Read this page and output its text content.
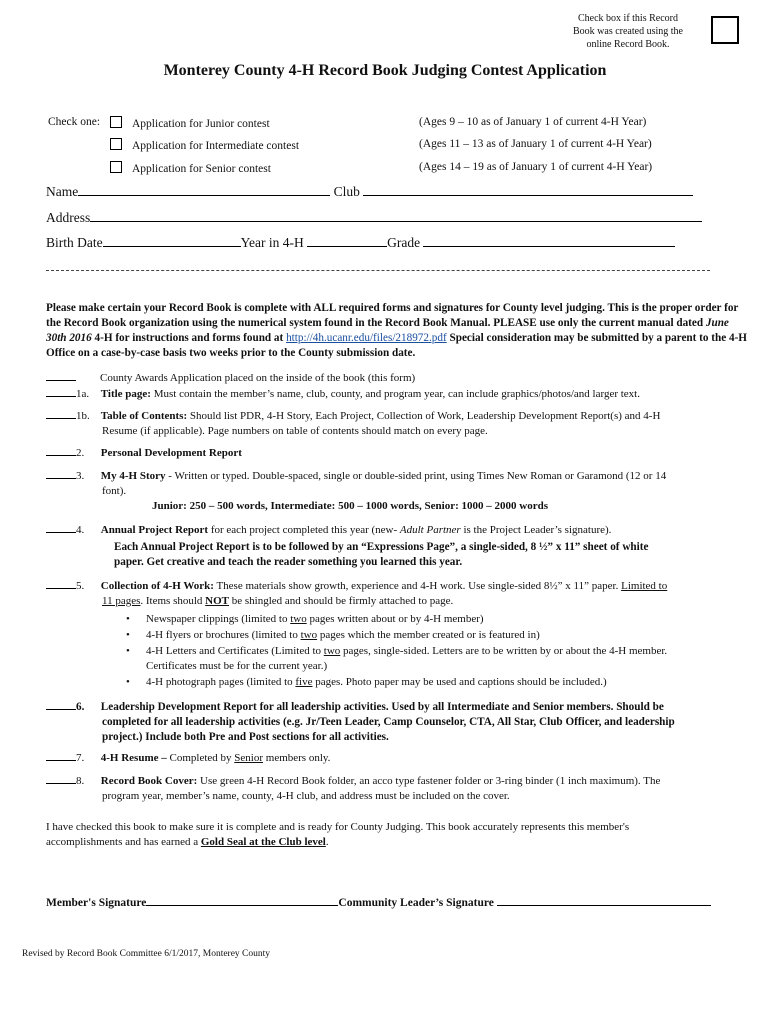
Check box if this Record
Book was created using the
online Record Book.
Monterey County 4-H Record Book Judging Contest Application
Check one:	Application for Junior contest	(Ages 9 – 10 as of January 1 of current 4-H Year)
Application for Intermediate contest	(Ages 11 – 13 as of January 1 of current 4-H Year)
Application for Senior contest	(Ages 14 – 19 as of January 1 of current 4-H Year)
Name	Club
Address
Birth Date	Year in 4-H	Grade
Please make certain your Record Book is complete with ALL required forms and signatures for County level judging. This is the proper order for the Record Book organization using the numerical system found in the Record Book Manual. PLEASE use only the current manual dated June 30th 2016 4-H for instructions and forms found at http://4h.ucanr.edu/files/218972.pdf Special consideration may be submitted by a parent to the 4-H Office on a case-by-case basis two weeks prior to the County submission date.
County Awards Application placed on the inside of the book (this form)
1a. Title page: Must contain the member’s name, club, county, and program year, can include graphics/photos/and larger text.
1b. Table of Contents: Should list PDR, 4-H Story, Each Project, Collection of Work, Leadership Development Report(s) and 4-H
Resume (if applicable). Page numbers on table of contents should match on every page.
2. Personal Development Report
3. My 4-H Story - Written or typed. Double-spaced, single or double-sided print, using Times New Roman or Garamond (12 or 14
font).
Junior: 250 – 500 words, Intermediate: 500 – 1000 words, Senior: 1000 – 2000 words
4. Annual Project Report for each project completed this year (new- Adult Partner is the Project Leader’s signature).
Each Annual Project Report is to be followed by an “Expressions Page”, a single-sided, 8 ½” x 11” sheet of white
paper. Get creative and teach the reader something you learned this year.
5. Collection of 4-H Work: These materials show growth, experience and 4-H work. Use single-sided 8½” x 11” paper. Limited to
11 pages. Items should NOT be shingled and should be firmly attached to page.
• Newspaper clippings (limited to two pages written about or by 4-H member)
• 4-H flyers or brochures (limited to two pages which the member created or is featured in)
• 4-H Letters and Certificates (Limited to two pages, single-sided. Letters are to be written by or about the 4-H member.
Certificates must be for the current year.)
• 4-H photograph pages (limited to five pages. Photo paper may be used and captions should be included.)
6. Leadership Development Report for all leadership activities. Used by all Intermediate and Senior members. Should be
completed for all leadership activities (e.g. Jr/Teen Leader, Camp Counselor, CTA, All Star, Club Officer, and leadership
project.) Include both Pre and Post sections for all activities.
7. 4-H Resume – Completed by Senior members only.
8. Record Book Cover: Use green 4-H Record Book folder, an acco type fastener folder or 3-ring binder (1 inch maximum). The
program year, member’s name, county, 4-H club, and address must be included on the cover.
I have checked this book to make sure it is complete and is ready for County Judging. This book accurately represents this member's
accomplishments and has earned a Gold Seal at the Club level.
Member's Signature	Community Leader’s Signature
Revised by Record Book Committee 6/1/2017, Monterey County
